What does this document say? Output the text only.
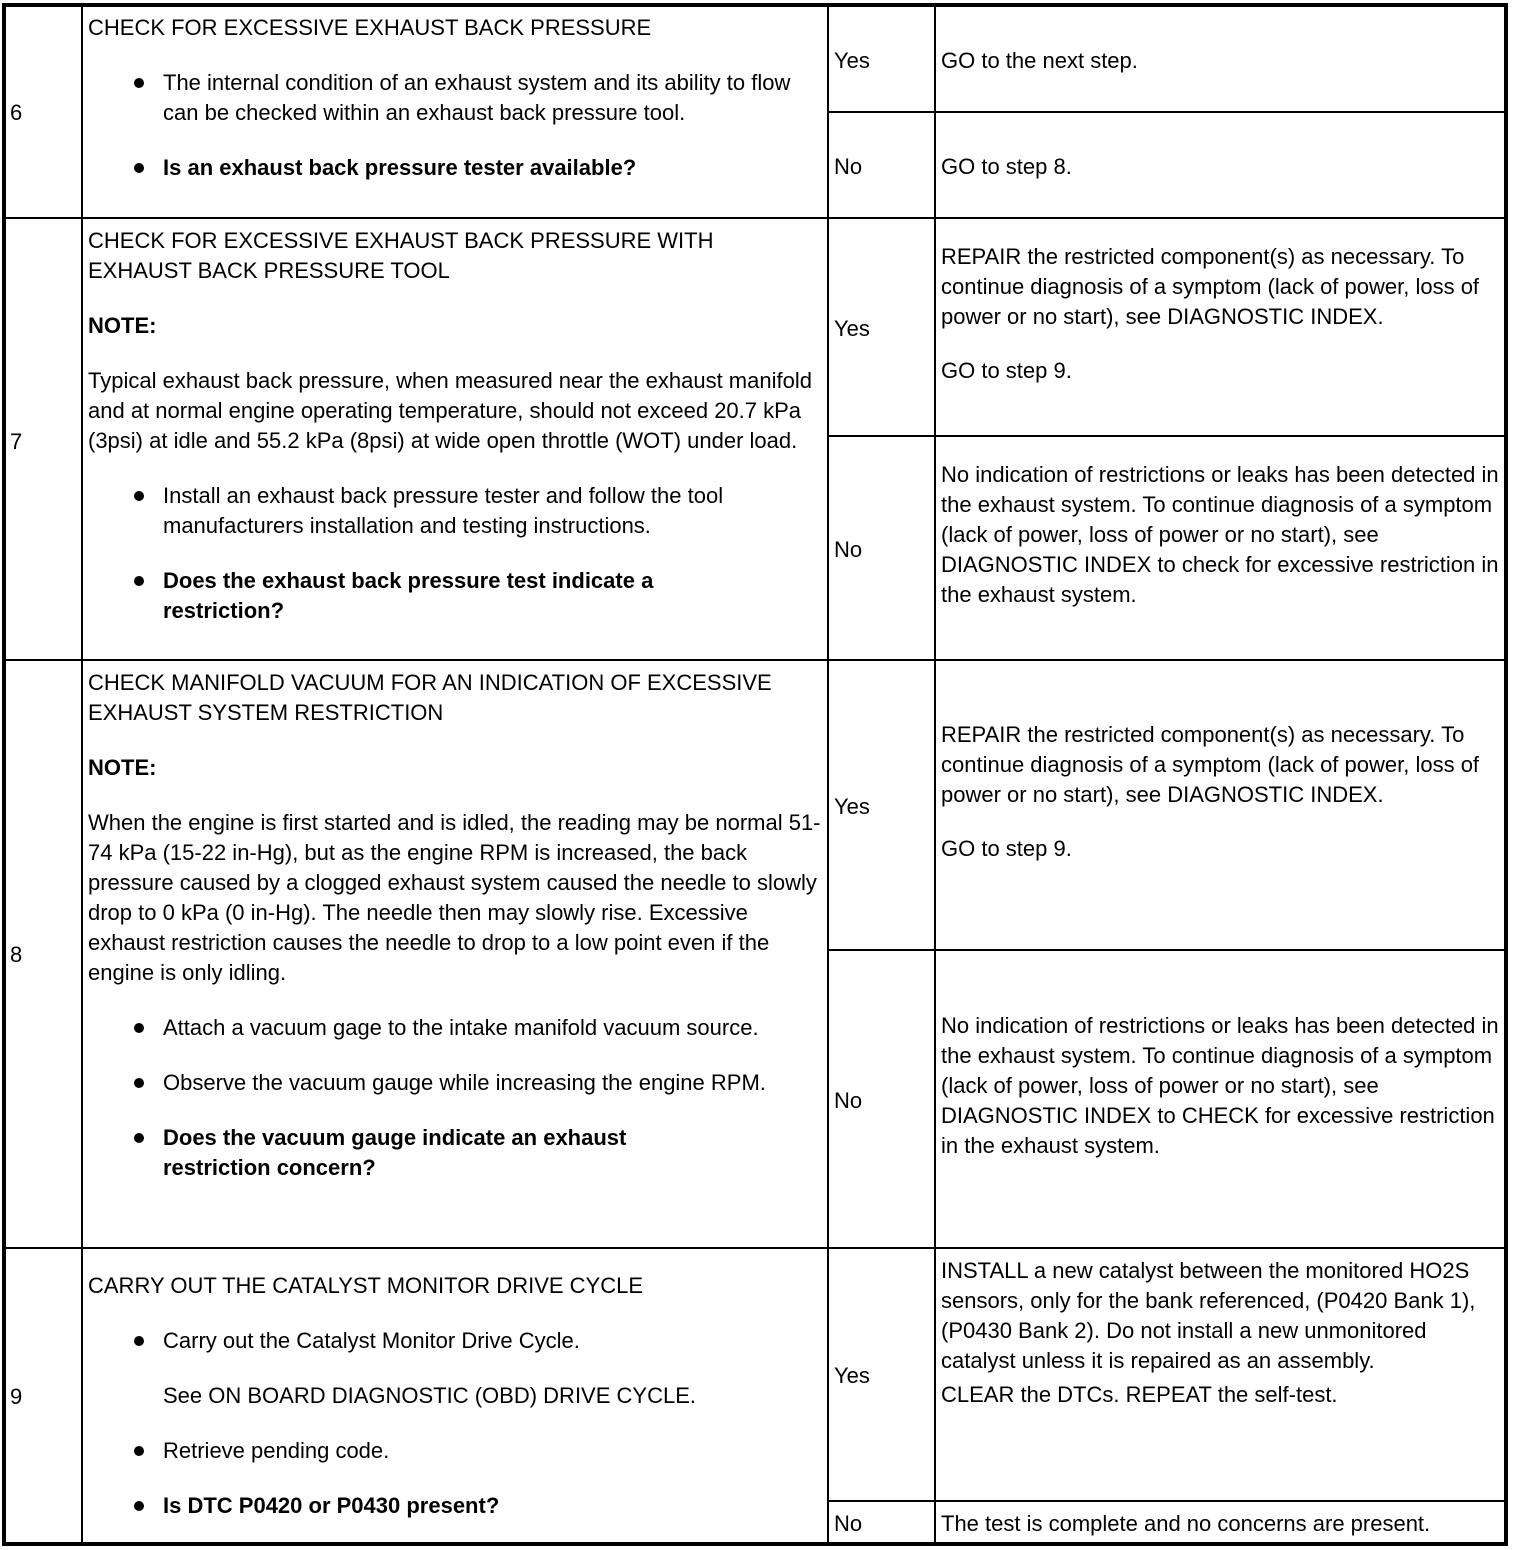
6

CHECK FOR EXCESSIVE EXHAUST BACK PRESSURE

The internal condition of an exhaust system and its ability to flow can be checked within an exhaust back pressure tool.

Is an exhaust back pressure tester available?

Yes	GO to the next step.
No	GO to step 8.
7

CHECK FOR EXCESSIVE EXHAUST BACK PRESSURE WITH EXHAUST BACK PRESSURE TOOL

NOTE:

Typical exhaust back pressure, when measured near the exhaust manifold and at normal engine operating temperature, should not exceed 20.7 kPa (3psi) at idle and 55.2 kPa (8psi) at wide open throttle (WOT) under load.

Install an exhaust back pressure tester and follow the tool manufacturers installation and testing instructions.

Does the exhaust back pressure test indicate a restriction?

Yes

REPAIR the restricted component(s) as necessary. To continue diagnosis of a symptom (lack of power, loss of power or no start), see DIAGNOSTIC INDEX.

GO to step 9.

No
No indication of restrictions or leaks has been detected in the exhaust system. To continue diagnosis of a symptom (lack of power, loss of power or no start), see DIAGNOSTIC INDEX to check for excessive restriction in the exhaust system.
8

CHECK MANIFOLD VACUUM FOR AN INDICATION OF EXCESSIVE EXHAUST SYSTEM RESTRICTION

NOTE:

When the engine is first started and is idled, the reading may be normal 51-74 kPa (15-22 in-Hg), but as the engine RPM is increased, the back pressure caused by a clogged exhaust system caused the needle to slowly drop to 0 kPa (0 in-Hg). The needle then may slowly rise. Excessive exhaust restriction causes the needle to drop to a low point even if the engine is only idling.

Attach a vacuum gage to the intake manifold vacuum source.

Observe the vacuum gauge while increasing the engine RPM.

Does the vacuum gauge indicate an exhaust restriction concern?

Yes

REPAIR the restricted component(s) as necessary. To continue diagnosis of a symptom (lack of power, loss of power or no start), see DIAGNOSTIC INDEX.

GO to step 9.

No
No indication of restrictions or leaks has been detected in the exhaust system. To continue diagnosis of a symptom (lack of power, loss of power or no start), see DIAGNOSTIC INDEX to CHECK for excessive restriction in the exhaust system.
9

CARRY OUT THE CATALYST MONITOR DRIVE CYCLE

Carry out the Catalyst Monitor Drive Cycle.

See ON BOARD DIAGNOSTIC (OBD) DRIVE CYCLE.

Retrieve pending code.

Is DTC P0420 or P0430 present?

Yes

INSTALL a new catalyst between the monitored HO2S sensors, only for the bank referenced, (P0420 Bank 1), (P0430 Bank 2). Do not install a new unmonitored catalyst unless it is repaired as an assembly.

CLEAR the DTCs. REPEAT the self-test.

No	The test is complete and no concerns are present.
